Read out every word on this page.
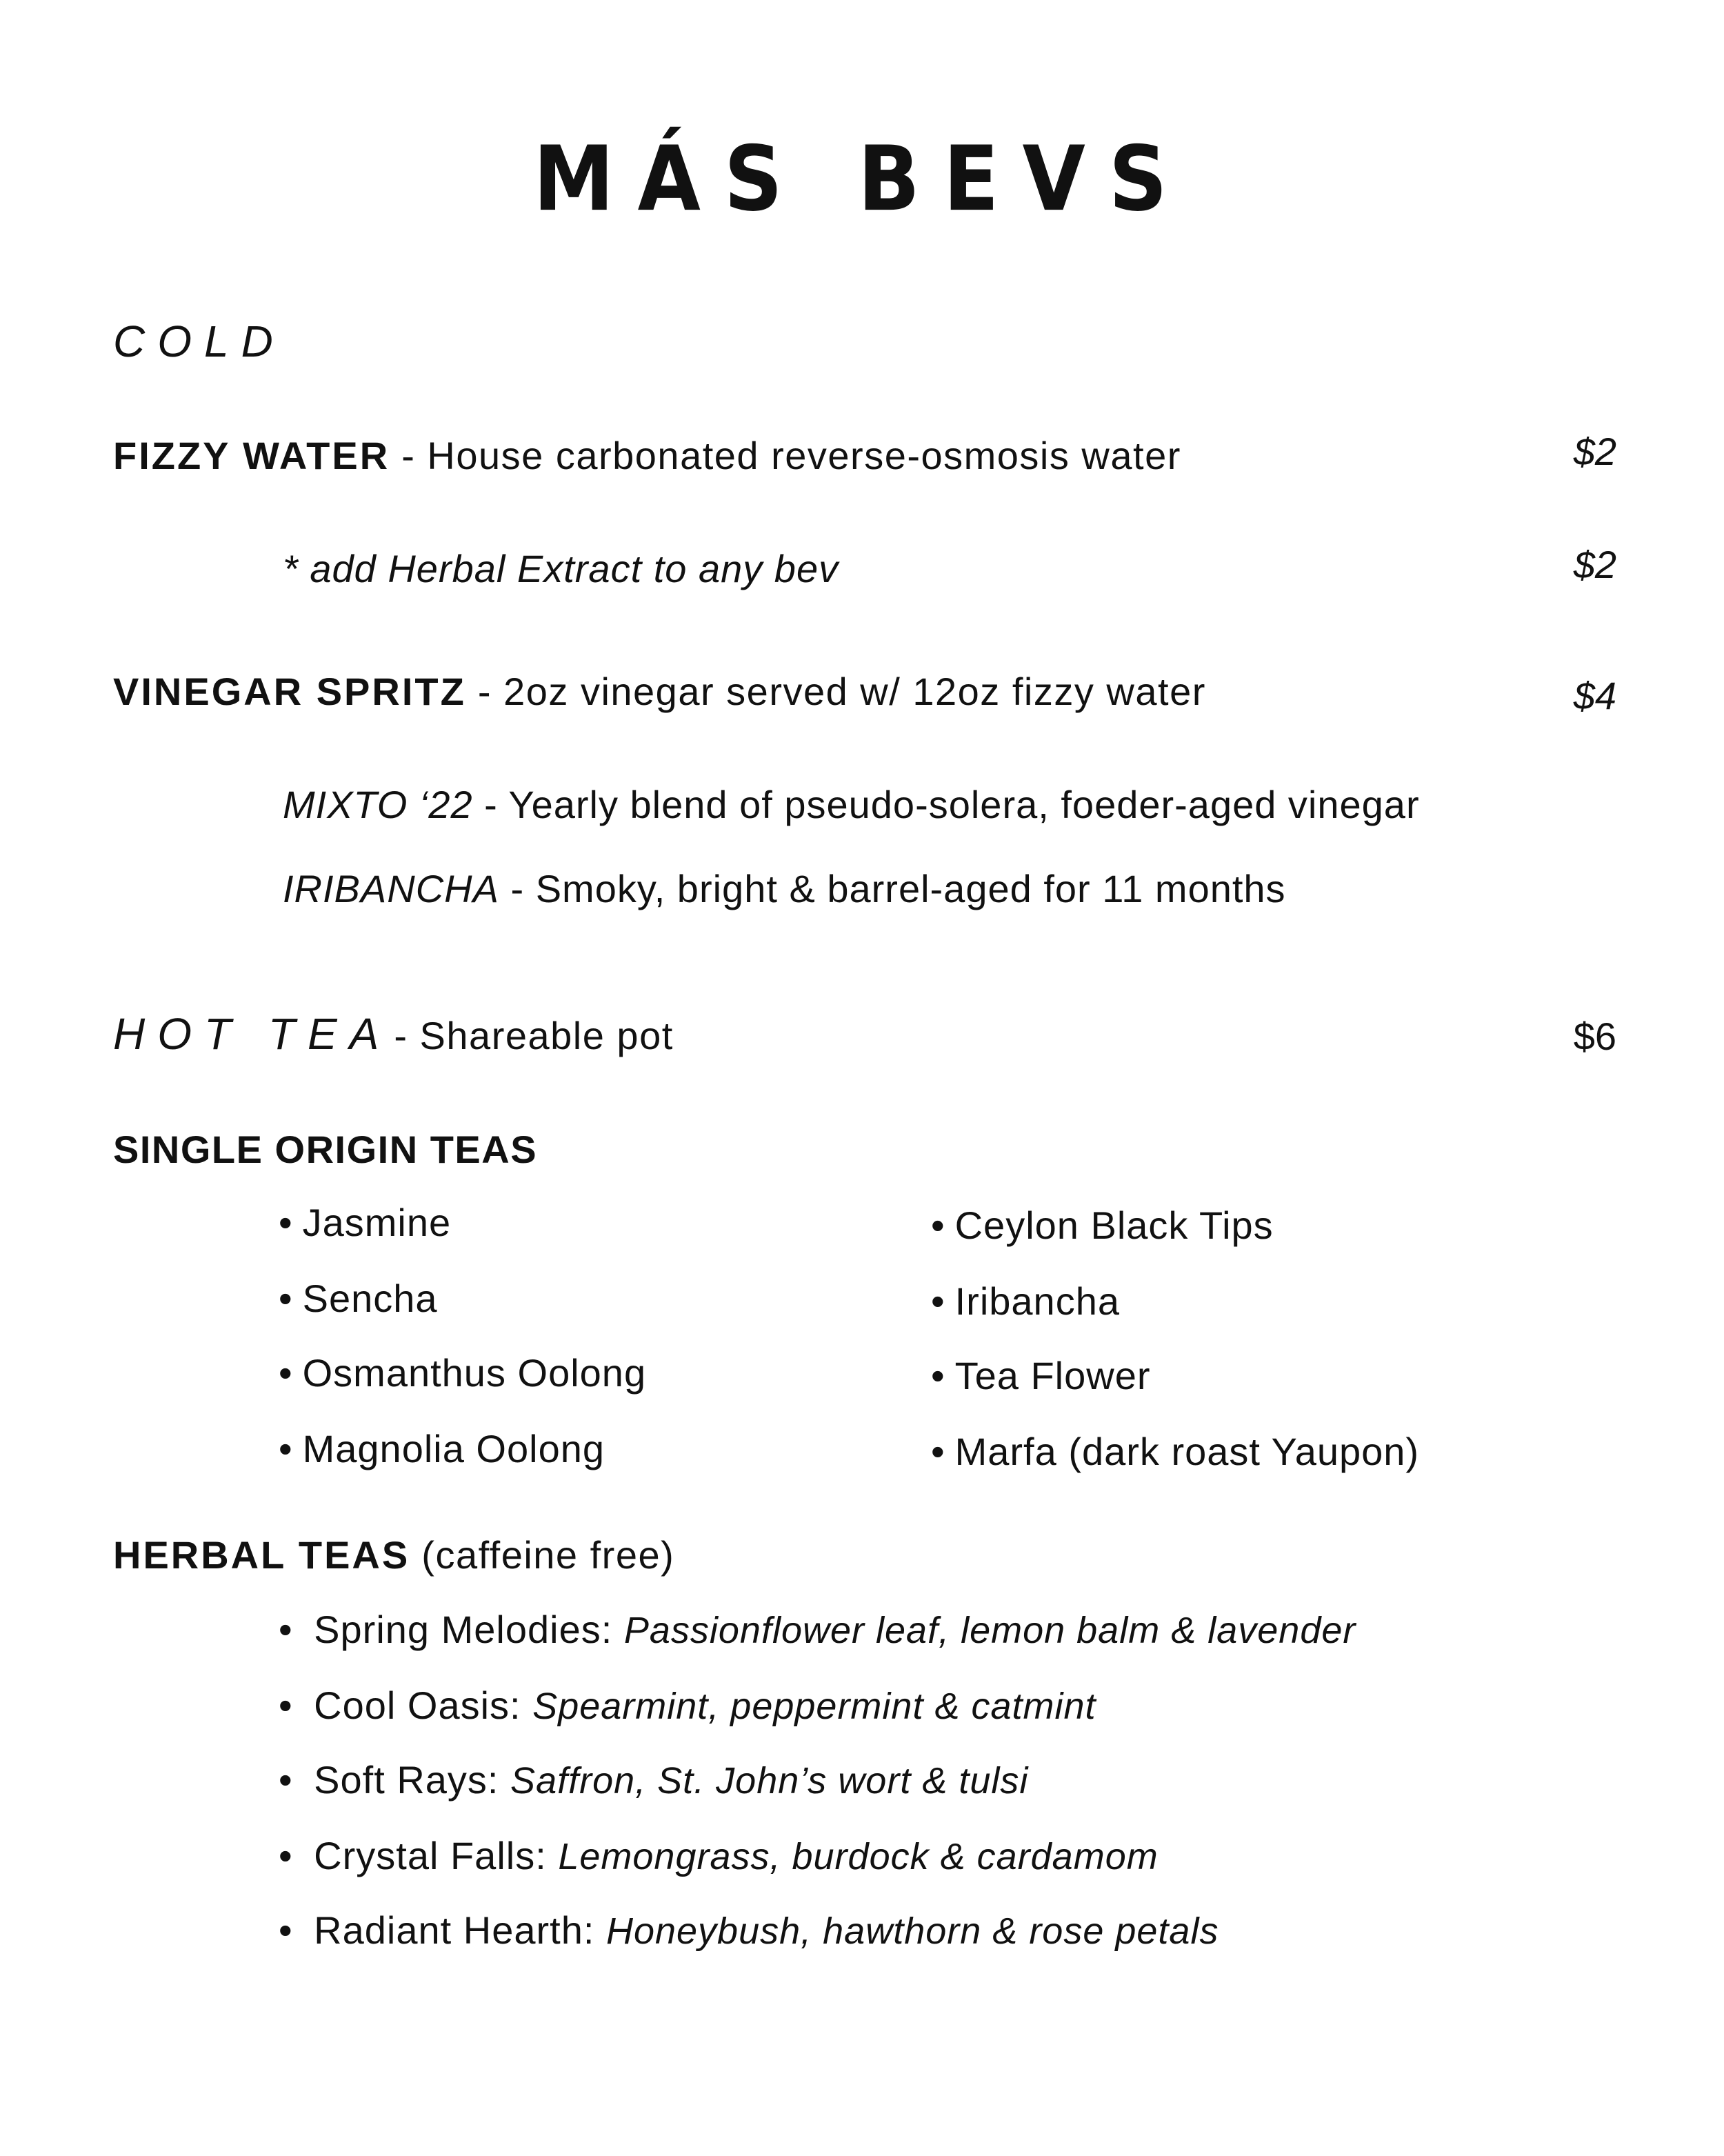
MÁS BEVS
COLD
FIZZY WATER - House carbonated reverse-osmosis water	$2
* add Herbal Extract to any bev	$2
VINEGAR SPRITZ - 2oz vinegar served w/ 12oz fizzy water	$4
MIXTO ‘22 - Yearly blend of pseudo-solera, foeder-aged vinegar
IRIBANCHA - Smoky, bright & barrel-aged for 11 months
HOT TEA- Shareable pot	$6
SINGLE ORIGIN TEAS
• Jasmine
• Sencha
• Osmanthus Oolong
• Magnolia Oolong
• Ceylon Black Tips
• Iribancha
• Tea Flower
• Marfa (dark roast Yaupon)
HERBAL TEAS (caffeine free)
• Spring Melodies: Passionflower leaf, lemon balm & lavender
• Cool Oasis: Spearmint, peppermint & catmint
• Soft Rays: Saffron, St. John’s wort & tulsi
• Crystal Falls: Lemongrass, burdock & cardamom
• Radiant Hearth: Honeybush, hawthorn & rose petals
